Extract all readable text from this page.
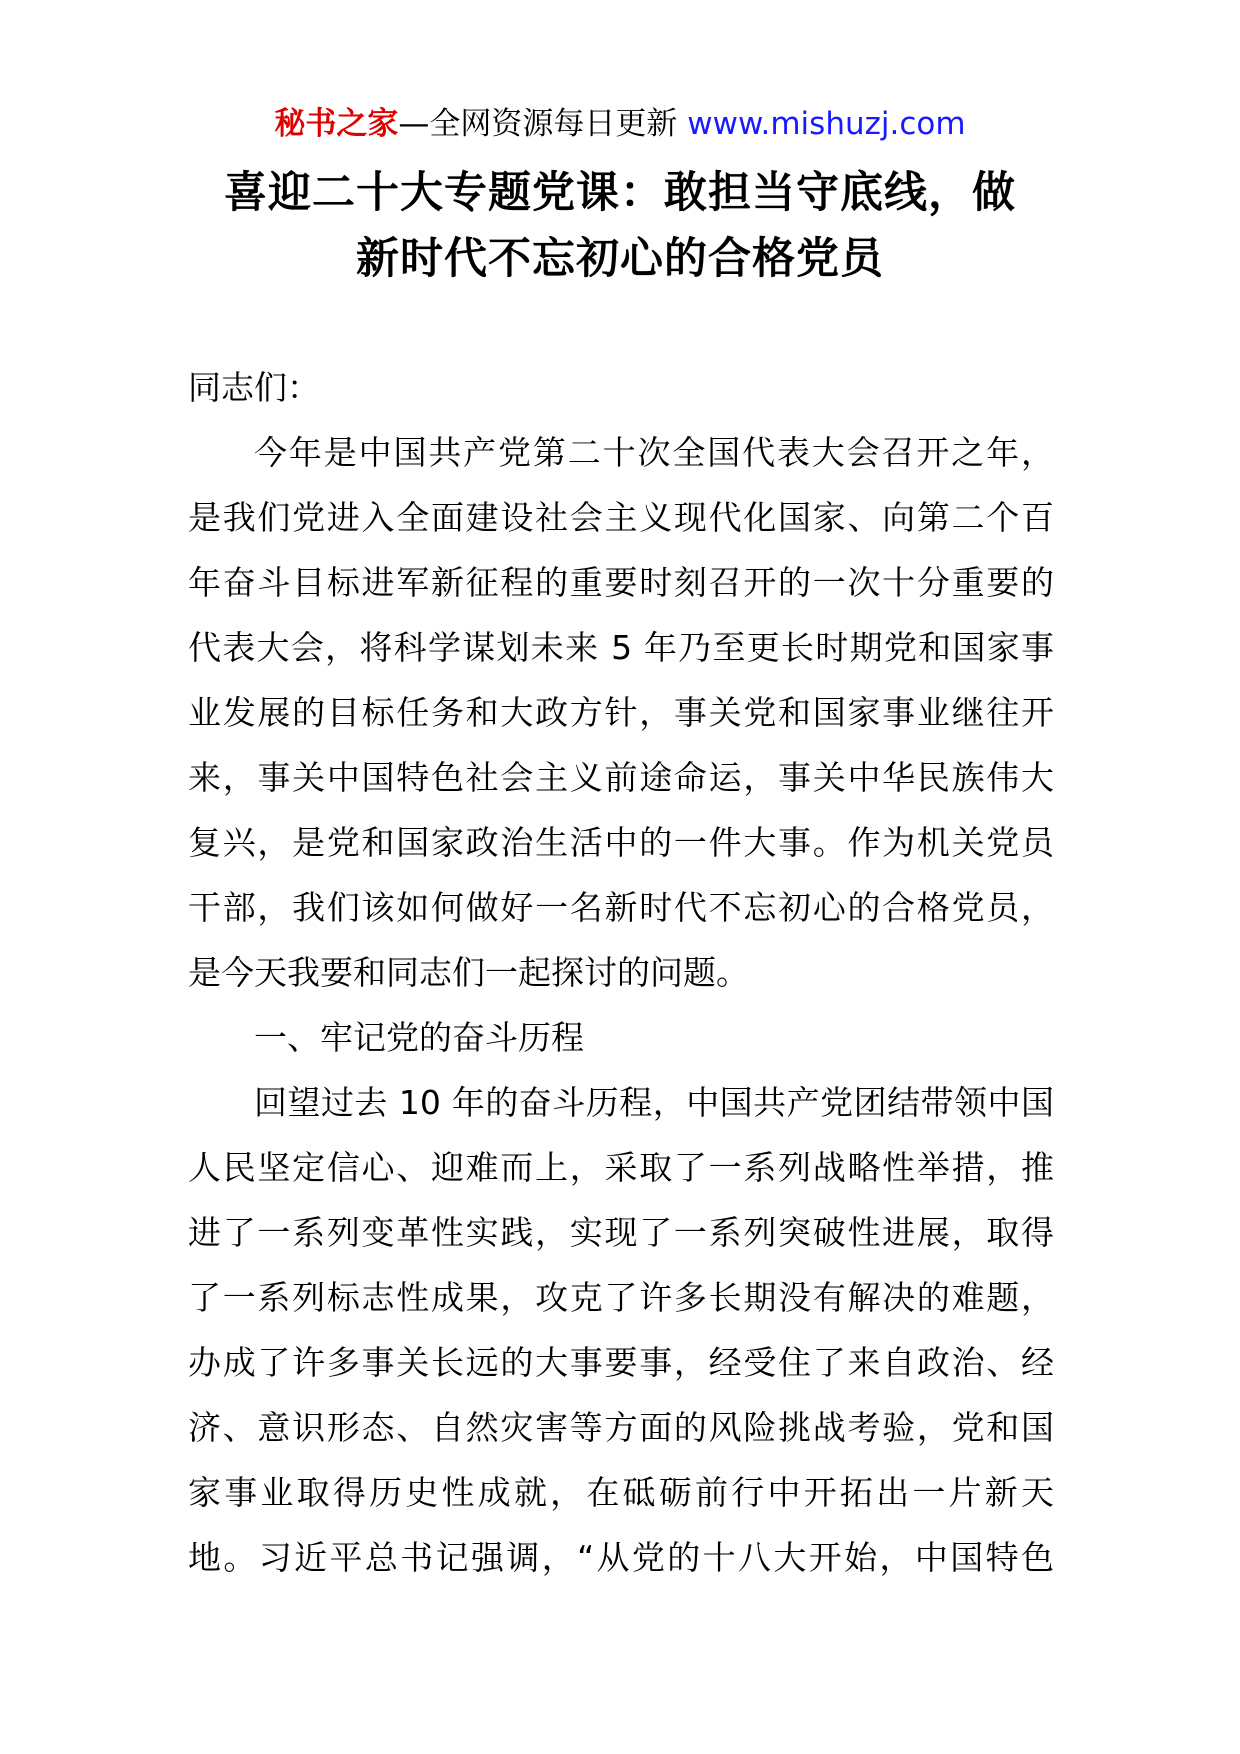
秘书之家—全网资源每日更新 www.mishuzj.com
喜迎二十大专题党课：敢担当守底线，做
新时代不忘初心的合格党员

同志们：

今年是中国共产党第二十次全国代表大会召开之年，
是我们党进入全面建设社会主义现代化国家、向第二个百
年奋斗目标进军新征程的重要时刻召开的一次十分重要的
代表大会，将科学谋划未来 5 年乃至更长时期党和国家事
业发展的目标任务和大政方针，事关党和国家事业继往开
来，事关中国特色社会主义前途命运，事关中华民族伟大
复兴，是党和国家政治生活中的一件大事。作为机关党员
干部，我们该如何做好一名新时代不忘初心的合格党员，
是今天我要和同志们一起探讨的问题。

一、牢记党的奋斗历程

回望过去 10 年的奋斗历程，中国共产党团结带领中国
人民坚定信心、迎难而上，采取了一系列战略性举措，推
进了一系列变革性实践，实现了一系列突破性进展，取得
了一系列标志性成果，攻克了许多长期没有解决的难题，
办成了许多事关长远的大事要事，经受住了来自政治、经
济、意识形态、自然灾害等方面的风险挑战考验，党和国
家事业取得历史性成就，在砥砺前行中开拓出一片新天
地。习近平总书记强调，“从党的十八大开始，中国特色
